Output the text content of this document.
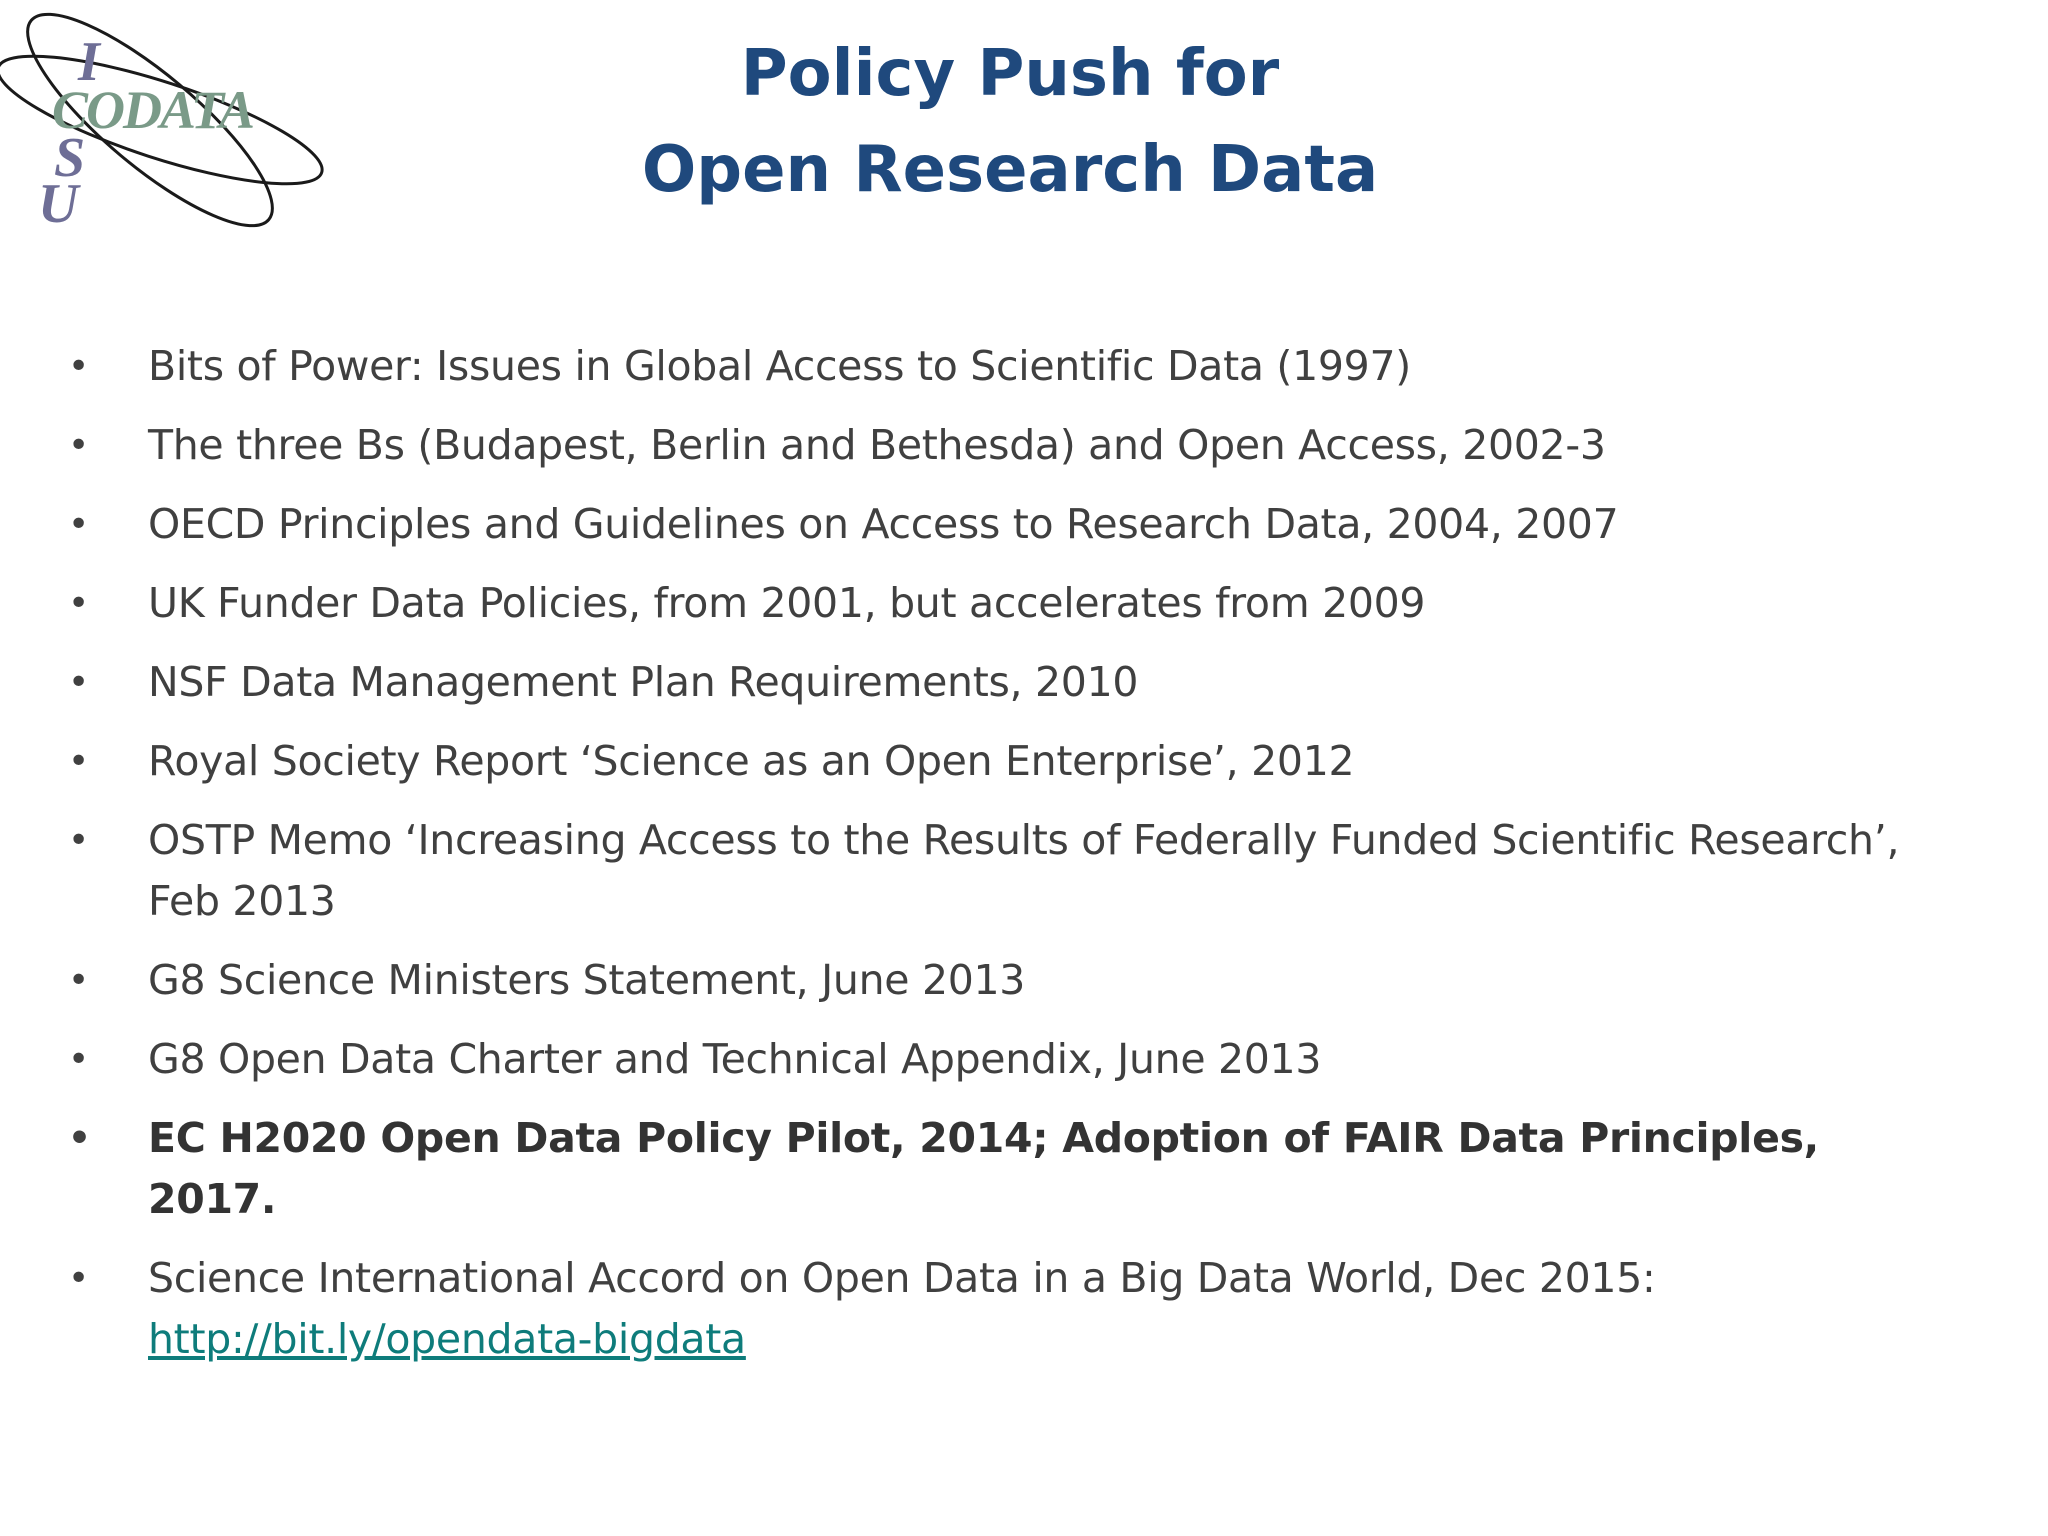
I
CODATA
S
U
Policy Push for
Open Research Data
• Bits of Power: Issues in Global Access to Scientific Data (1997)
• The three Bs (Budapest, Berlin and Bethesda) and Open Access, 2002-3
• OECD Principles and Guidelines on Access to Research Data, 2004, 2007
• UK Funder Data Policies, from 2001, but accelerates from 2009
• NSF Data Management Plan Requirements, 2010
• Royal Society Report ‘Science as an Open Enterprise’, 2012
• OSTP Memo ‘Increasing Access to the Results of Federally Funded Scientific Research’,
Feb 2013
• G8 Science Ministers Statement, June 2013
• G8 Open Data Charter and Technical Appendix, June 2013
• EC H2020 Open Data Policy Pilot, 2014; Adoption of FAIR Data Principles, 2017.
• Science International Accord on Open Data in a Big Data World, Dec 2015:
http://bit.ly/opendata-bigdata
